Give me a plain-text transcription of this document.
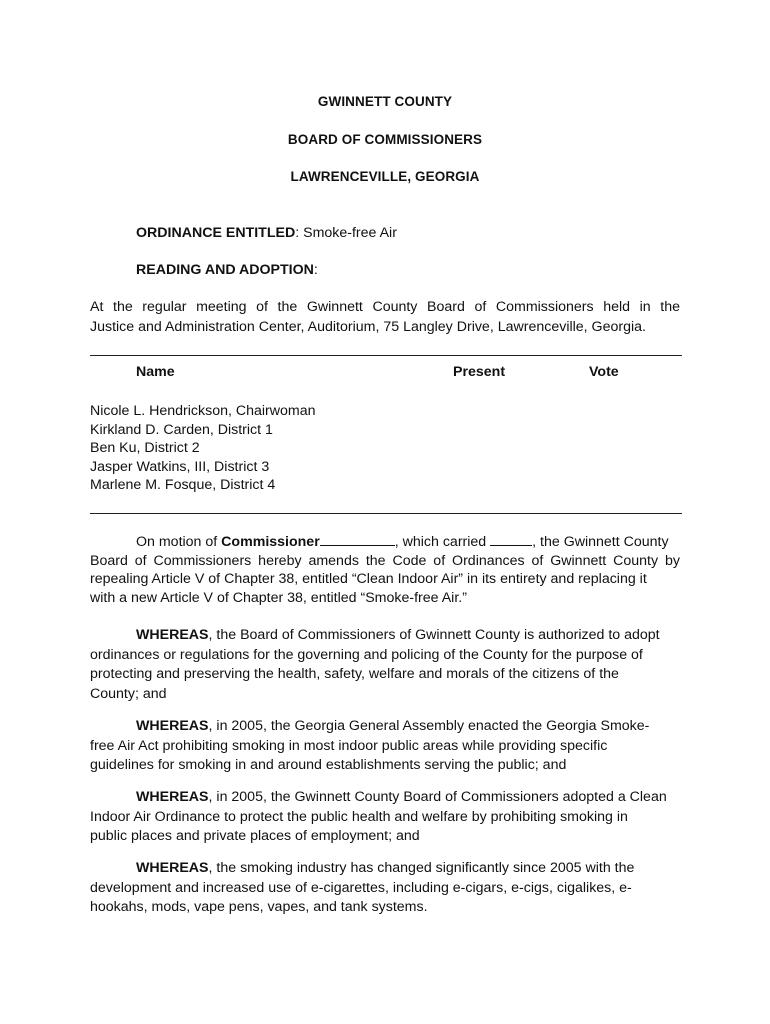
GWINNETT COUNTY
BOARD OF COMMISSIONERS
LAWRENCEVILLE, GEORGIA
ORDINANCE ENTITLED: Smoke-free Air
READING AND ADOPTION:
At the regular meeting of the Gwinnett County Board of Commissioners held in the
Justice and Administration Center, Auditorium, 75 Langley Drive, Lawrenceville, Georgia.
Name	Present	Vote
Nicole L. Hendrickson, Chairwoman
Kirkland D. Carden, District 1
Ben Ku, District 2
Jasper Watkins, III, District 3
Marlene M. Fosque, District 4
On motion of Commissioner	, which carried	, the Gwinnett County
Board of Commissioners hereby amends the Code of Ordinances of Gwinnett County by
repealing Article V of Chapter 38, entitled “Clean Indoor Air” in its entirety and replacing it
with a new Article V of Chapter 38, entitled “Smoke-free Air.”
WHEREAS, the Board of Commissioners of Gwinnett County is authorized to adopt
ordinances or regulations for the governing and policing of the County for the purpose of
protecting and preserving the health, safety, welfare and morals of the citizens of the
County; and
WHEREAS, in 2005, the Georgia General Assembly enacted the Georgia Smoke-
free Air Act prohibiting smoking in most indoor public areas while providing specific
guidelines for smoking in and around establishments serving the public; and
WHEREAS, in 2005, the Gwinnett County Board of Commissioners adopted a Clean
Indoor Air Ordinance to protect the public health and welfare by prohibiting smoking in
public places and private places of employment; and
WHEREAS, the smoking industry has changed significantly since 2005 with the
development and increased use of e-cigarettes, including e-cigars, e-cigs, cigalikes, e-
hookahs, mods, vape pens, vapes, and tank systems.
